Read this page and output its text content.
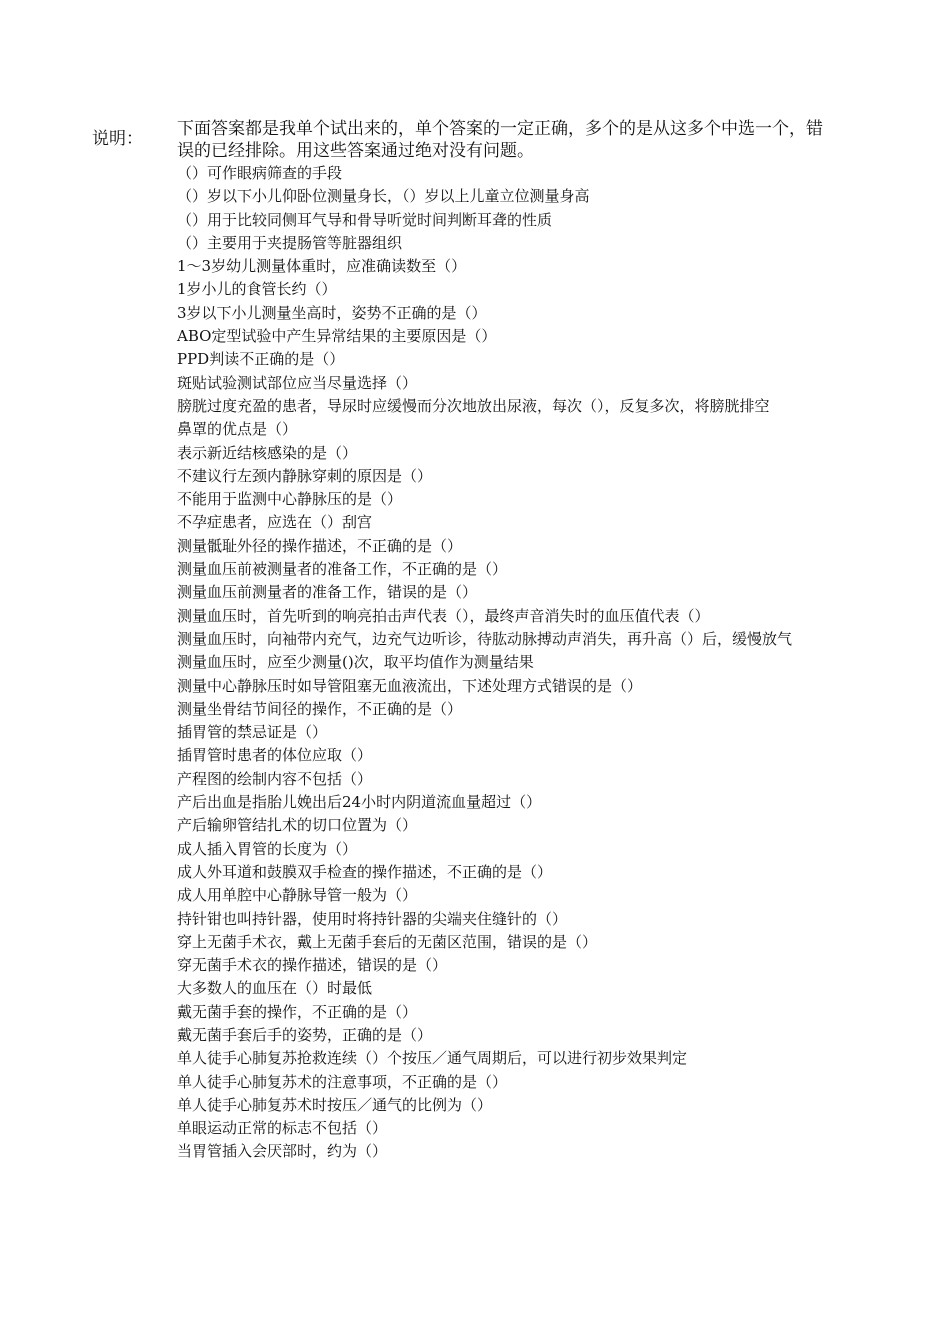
说明： 下面答案都是我单个试出来的，单个答案的一定正确，多个的是从这多个中选一个，错误的已经排除。用这些答案通过绝对没有问题。
（）可作眼病筛查的手段
（）岁以下小儿仰卧位测量身长，（）岁以上儿童立位测量身高
（）用于比较同侧耳气导和骨导听觉时间判断耳聋的性质
（）主要用于夹提肠管等脏器组织
1～3岁幼儿测量体重时，应准确读数至（）
1岁小儿的食管长约（）
3岁以下小儿测量坐高时，姿势不正确的是（）
ABO定型试验中产生异常结果的主要原因是（）
PPD判读不正确的是（）
斑贴试验测试部位应当尽量选择（）
膀胱过度充盈的患者，导尿时应缓慢而分次地放出尿液，每次（），反复多次，将膀胱排空
鼻罩的优点是（）
表示新近结核感染的是（）
不建议行左颈内静脉穿刺的原因是（）
不能用于监测中心静脉压的是（）
不孕症患者，应选在（）刮宫
测量骶耻外径的操作描述，不正确的是（）
测量血压前被测量者的准备工作，不正确的是（）
测量血压前测量者的准备工作，错误的是（）
测量血压时，首先听到的响亮拍击声代表（），最终声音消失时的血压值代表（）
测量血压时，向袖带内充气，边充气边听诊，待肱动脉搏动声消失，再升高（）后，缓慢放气
测量血压时，应至少测量()次，取平均值作为测量结果
测量中心静脉压时如导管阻塞无血液流出，下述处理方式错误的是（）
测量坐骨结节间径的操作，不正确的是（）
插胃管的禁忌证是（）
插胃管时患者的体位应取（）
产程图的绘制内容不包括（）
产后出血是指胎儿娩出后24小时内阴道流血量超过（）
产后输卵管结扎术的切口位置为（）
成人插入胃管的长度为（）
成人外耳道和鼓膜双手检查的操作描述，不正确的是（）
成人用单腔中心静脉导管一般为（）
持针钳也叫持针器，使用时将持针器的尖端夹住缝针的（）
穿上无菌手术衣，戴上无菌手套后的无菌区范围，错误的是（）
穿无菌手术衣的操作描述，错误的是（）
大多数人的血压在（）时最低
戴无菌手套的操作，不正确的是（）
戴无菌手套后手的姿势，正确的是（）
单人徒手心肺复苏抢救连续（）个按压／通气周期后，可以进行初步效果判定
单人徒手心肺复苏术的注意事项，不正确的是（）
单人徒手心肺复苏术时按压／通气的比例为（）
单眼运动正常的标志不包括（）
当胃管插入会厌部时，约为（）
